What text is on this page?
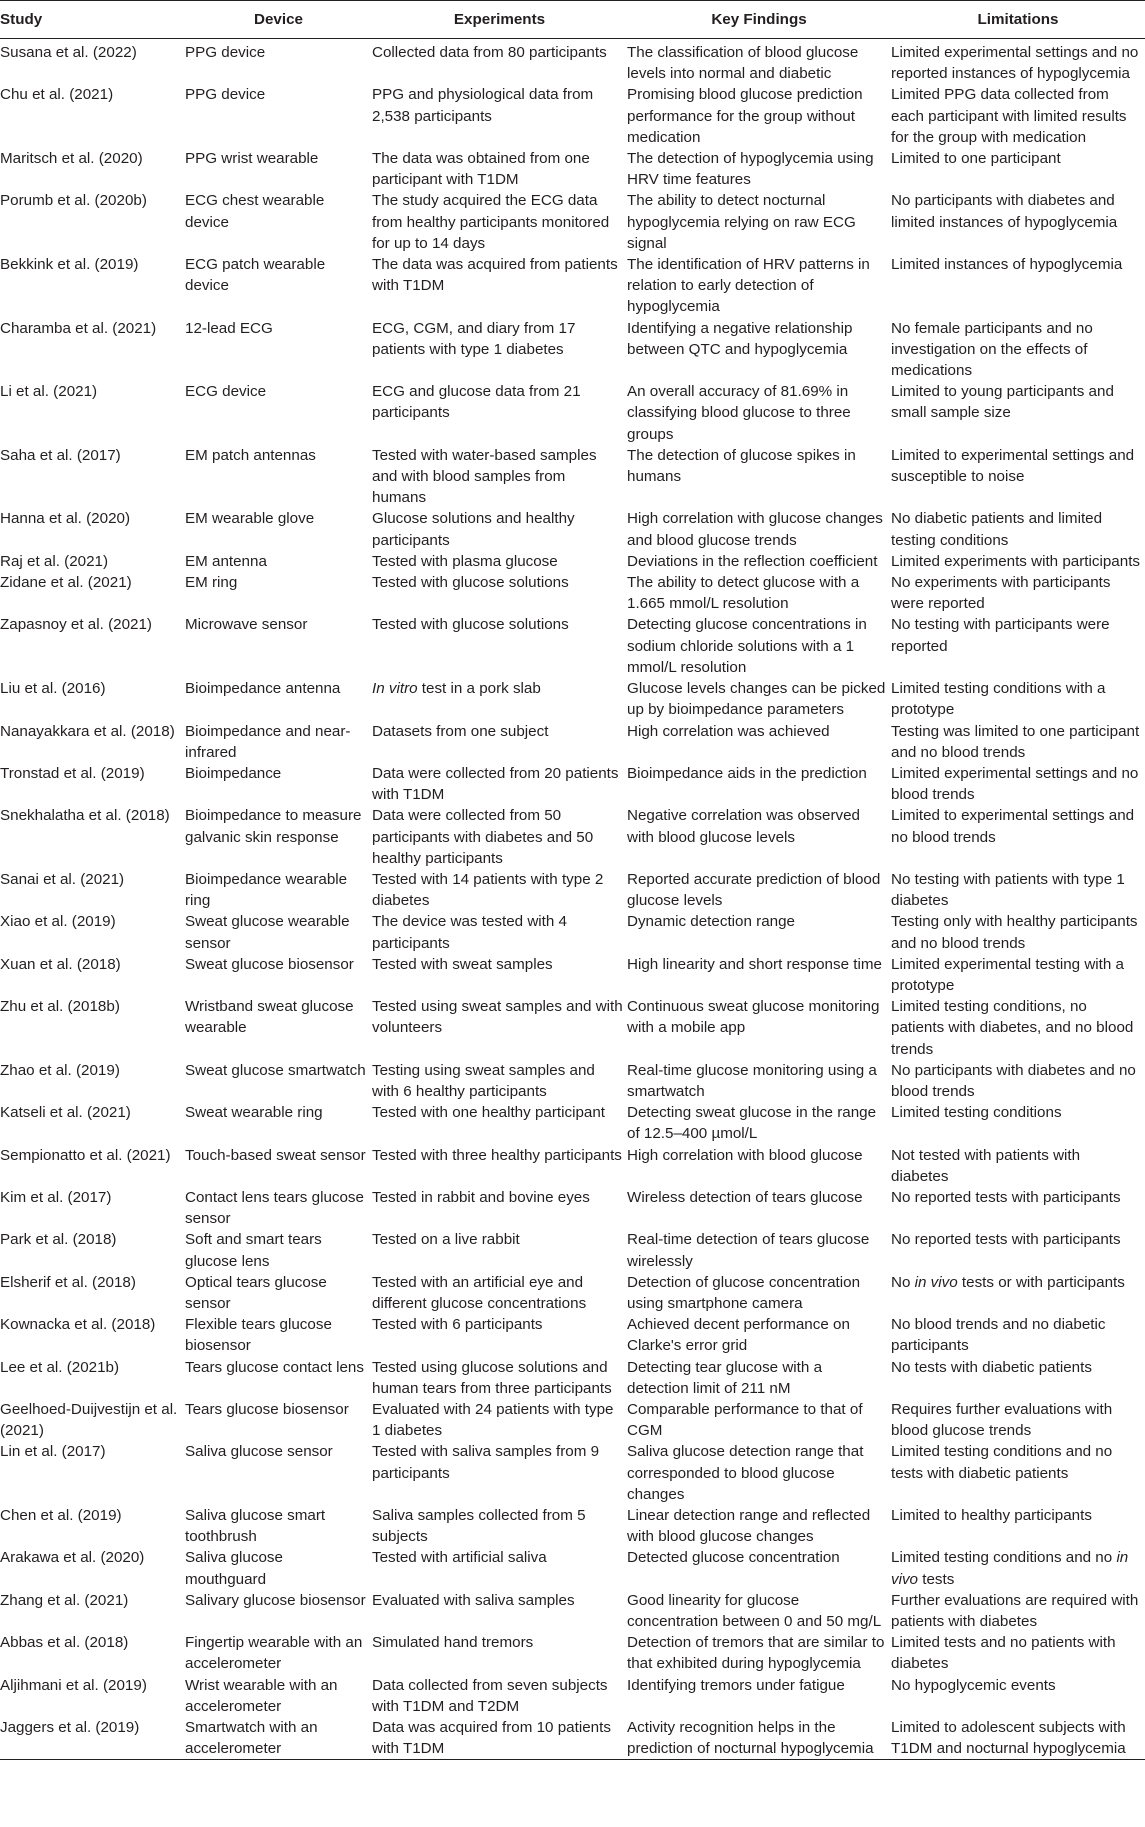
Study	Device	Experiments	Key Findings	Limitations
Susana et al. (2022)	PPG device	Collected data from 80 participants	The classification of blood glucose levels into normal and diabetic	Limited experimental settings and no reported instances of hypoglycemia
Chu et al. (2021)	PPG device	PPG and physiological data from 2,538 participants	Promising blood glucose prediction performance for the group without medication	Limited PPG data collected from each participant with limited results for the group with medication
Maritsch et al. (2020)	PPG wrist wearable	The data was obtained from one participant with T1DM	The detection of hypoglycemia using HRV time features	Limited to one participant
Porumb et al. (2020b)	ECG chest wearable device	The study acquired the ECG data from healthy participants monitored for up to 14 days	The ability to detect nocturnal hypoglycemia relying on raw ECG signal	No participants with diabetes and limited instances of hypoglycemia
Bekkink et al. (2019)	ECG patch wearable device	The data was acquired from patients with T1DM	The identification of HRV patterns in relation to early detection of hypoglycemia	Limited instances of hypoglycemia
Charamba et al. (2021)	12-lead ECG	ECG, CGM, and diary from 17 patients with type 1 diabetes	Identifying a negative relationship between QTC and hypoglycemia	No female participants and no investigation on the effects of medications
Li et al. (2021)	ECG device	ECG and glucose data from 21 participants	An overall accuracy of 81.69% in classifying blood glucose to three groups	Limited to young participants and small sample size
Saha et al. (2017)	EM patch antennas	Tested with water-based samples and with blood samples from humans	The detection of glucose spikes in humans	Limited to experimental settings and susceptible to noise
Hanna et al. (2020)	EM wearable glove	Glucose solutions and healthy participants	High correlation with glucose changes and blood glucose trends	No diabetic patients and limited testing conditions
Raj et al. (2021)	EM antenna	Tested with plasma glucose	Deviations in the reflection coefficient	Limited experiments with participants
Zidane et al. (2021)	EM ring	Tested with glucose solutions	The ability to detect glucose with a 1.665 mmol/L resolution	No experiments with participants were reported
Zapasnoy et al. (2021)	Microwave sensor	Tested with glucose solutions	Detecting glucose concentrations in sodium chloride solutions with a 1 mmol/L resolution	No testing with participants were reported
Liu et al. (2016)	Bioimpedance antenna	In vitro test in a pork slab	Glucose levels changes can be picked up by bioimpedance parameters	Limited testing conditions with a prototype
Nanayakkara et al. (2018)	Bioimpedance and near-infrared	Datasets from one subject	High correlation was achieved	Testing was limited to one participant and no blood trends
Tronstad et al. (2019)	Bioimpedance	Data were collected from 20 patients with T1DM	Bioimpedance aids in the prediction	Limited experimental settings and no blood trends
Snekhalatha et al. (2018)	Bioimpedance to measure galvanic skin response	Data were collected from 50 participants with diabetes and 50 healthy participants	Negative correlation was observed with blood glucose levels	Limited to experimental settings and no blood trends
Sanai et al. (2021)	Bioimpedance wearable ring	Tested with 14 patients with type 2 diabetes	Reported accurate prediction of blood glucose levels	No testing with patients with type 1 diabetes
Xiao et al. (2019)	Sweat glucose wearable sensor	The device was tested with 4 participants	Dynamic detection range	Testing only with healthy participants and no blood trends
Xuan et al. (2018)	Sweat glucose biosensor	Tested with sweat samples	High linearity and short response time	Limited experimental testing with a prototype
Zhu et al. (2018b)	Wristband sweat glucose wearable	Tested using sweat samples and with volunteers	Continuous sweat glucose monitoring with a mobile app	Limited testing conditions, no patients with diabetes, and no blood trends
Zhao et al. (2019)	Sweat glucose smartwatch	Testing using sweat samples and with 6 healthy participants	Real-time glucose monitoring using a smartwatch	No participants with diabetes and no blood trends
Katseli et al. (2021)	Sweat wearable ring	Tested with one healthy participant	Detecting sweat glucose in the range of 12.5–400 µmol/L	Limited testing conditions
Sempionatto et al. (2021)	Touch-based sweat sensor	Tested with three healthy participants	High correlation with blood glucose	Not tested with patients with diabetes
Kim et al. (2017)	Contact lens tears glucose sensor	Tested in rabbit and bovine eyes	Wireless detection of tears glucose	No reported tests with participants
Park et al. (2018)	Soft and smart tears glucose lens	Tested on a live rabbit	Real-time detection of tears glucose wirelessly	No reported tests with participants
Elsherif et al. (2018)	Optical tears glucose sensor	Tested with an artificial eye and different glucose concentrations	Detection of glucose concentration using smartphone camera	No in vivo tests or with participants
Kownacka et al. (2018)	Flexible tears glucose biosensor	Tested with 6 participants	Achieved decent performance on Clarke's error grid	No blood trends and no diabetic participants
Lee et al. (2021b)	Tears glucose contact lens	Tested using glucose solutions and human tears from three participants	Detecting tear glucose with a detection limit of 211 nM	No tests with diabetic patients
Geelhoed-Duijvestijn et al. (2021)	Tears glucose biosensor	Evaluated with 24 patients with type 1 diabetes	Comparable performance to that of CGM	Requires further evaluations with blood glucose trends
Lin et al. (2017)	Saliva glucose sensor	Tested with saliva samples from 9 participants	Saliva glucose detection range that corresponded to blood glucose changes	Limited testing conditions and no tests with diabetic patients
Chen et al. (2019)	Saliva glucose smart toothbrush	Saliva samples collected from 5 subjects	Linear detection range and reflected with blood glucose changes	Limited to healthy participants
Arakawa et al. (2020)	Saliva glucose mouthguard	Tested with artificial saliva	Detected glucose concentration	Limited testing conditions and no in vivo tests
Zhang et al. (2021)	Salivary glucose biosensor	Evaluated with saliva samples	Good linearity for glucose concentration between 0 and 50 mg/L	Further evaluations are required with patients with diabetes
Abbas et al. (2018)	Fingertip wearable with an accelerometer	Simulated hand tremors	Detection of tremors that are similar to that exhibited during hypoglycemia	Limited tests and no patients with diabetes
Aljihmani et al. (2019)	Wrist wearable with an accelerometer	Data collected from seven subjects with T1DM and T2DM	Identifying tremors under fatigue	No hypoglycemic events
Jaggers et al. (2019)	Smartwatch with an accelerometer	Data was acquired from 10 patients with T1DM	Activity recognition helps in the prediction of nocturnal hypoglycemia	Limited to adolescent subjects with T1DM and nocturnal hypoglycemia
